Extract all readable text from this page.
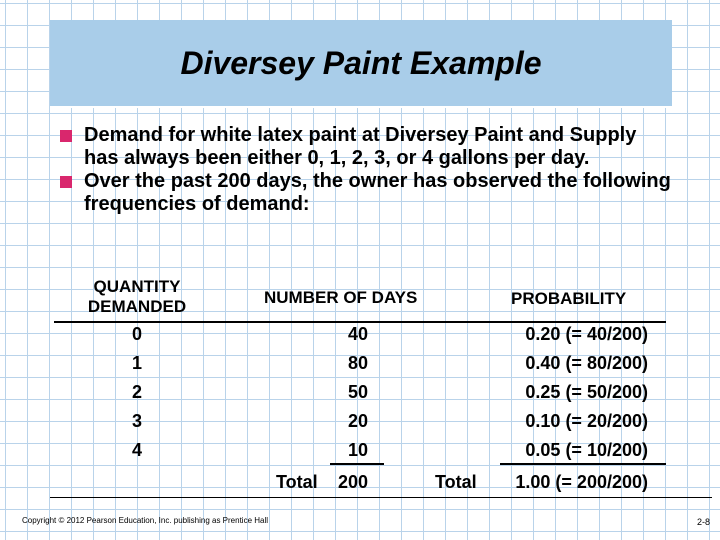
Diversey Paint Example
Demand for white latex paint at Diversey Paint and Supply has always been either 0, 1, 2, 3, or 4 gallons per day.
Over the past 200 days, the owner has observed the following frequencies of demand:
QUANTITY
DEMANDED	NUMBER OF DAYS	PROBABILITY
0	40	0.20 (= 40/200)
1	80	0.40 (= 80/200)
2	50	0.25 (= 50/200)
3	20	0.10 (= 20/200)
4	10	0.05 (= 10/200)
Total	200	Total	1.00 (= 200/200)
Copyright © 2012 Pearson Education, Inc. publishing as Prentice Hall	2-8
